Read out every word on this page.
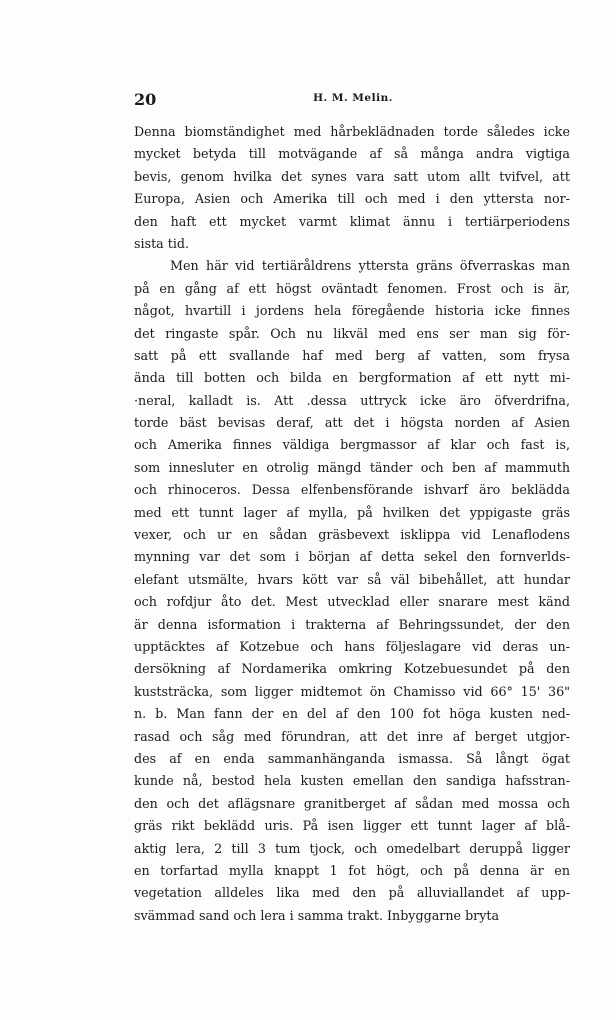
20	H. M. Melin.
Denna biomständighet med hårbeklädnaden torde således icke
mycket betyda till motvägande af så många andra vigtiga
bevis, genom hvilka det synes vara satt utom allt tvifvel, att
Europa, Asien och Amerika till och med i den yttersta nor-
den haft ett mycket varmt klimat ännu i tertiärperiodens
sista tid.
Men här vid tertiäråldrens yttersta gräns öfverraskas man
på en gång af ett högst oväntadt fenomen. Frost och is är,
något, hvartill i jordens hela föregående historia icke finnes
det ringaste spår. Och nu likväl med ens ser man sig för-
satt på ett svallande haf med berg af vatten, som frysa
ända till botten och bilda en bergformation af ett nytt mi-
·neral, kalladt is. Att .dessa uttryck icke äro öfverdrifna,
torde bäst bevisas deraf, att det i högsta norden af Asien
och Amerika finnes väldiga bergmassor af klar och fast is,
som innesluter en otrolig mängd tänder och ben af mammuth
och rhinoceros. Dessa elfenbensförande ishvarf äro beklädda
med ett tunnt lager af mylla, på hvilken det yppigaste gräs
vexer, och ur en sådan gräsbevext isklippa vid Lenaflodens
mynning var det som i början af detta sekel den fornverlds-
elefant utsmälte, hvars kött var så väl bibehållet, att hundar
och rofdjur åto det. Mest utvecklad eller snarare mest känd
är denna isformation i trakterna af Behringssundet, der den
upptäcktes af Kotzebue och hans följeslagare vid deras un-
dersökning af Nordamerika omkring Kotzebuesundet på den
kuststräcka, som ligger midtemot ön Chamisso vid 66° 15' 36"
n. b. Man fann der en del af den 100 fot höga kusten ned-
rasad och såg med förundran, att det inre af berget utgjor-
des af en enda sammanhänganda ismassa. Så långt ögat
kunde nå, bestod hela kusten emellan den sandiga hafsstran-
den och det aflägsnare granitberget af sådan med mossa och
gräs rikt beklädd uris. På isen ligger ett tunnt lager af blå-
aktig lera, 2 till 3 tum tjock, och omedelbart deruppå ligger
en torfartad mylla knappt 1 fot högt, och på denna är en
vegetation alldeles lika med den på alluviallandet af upp-
svämmad sand och lera i samma trakt. Inbyggarne bryta
